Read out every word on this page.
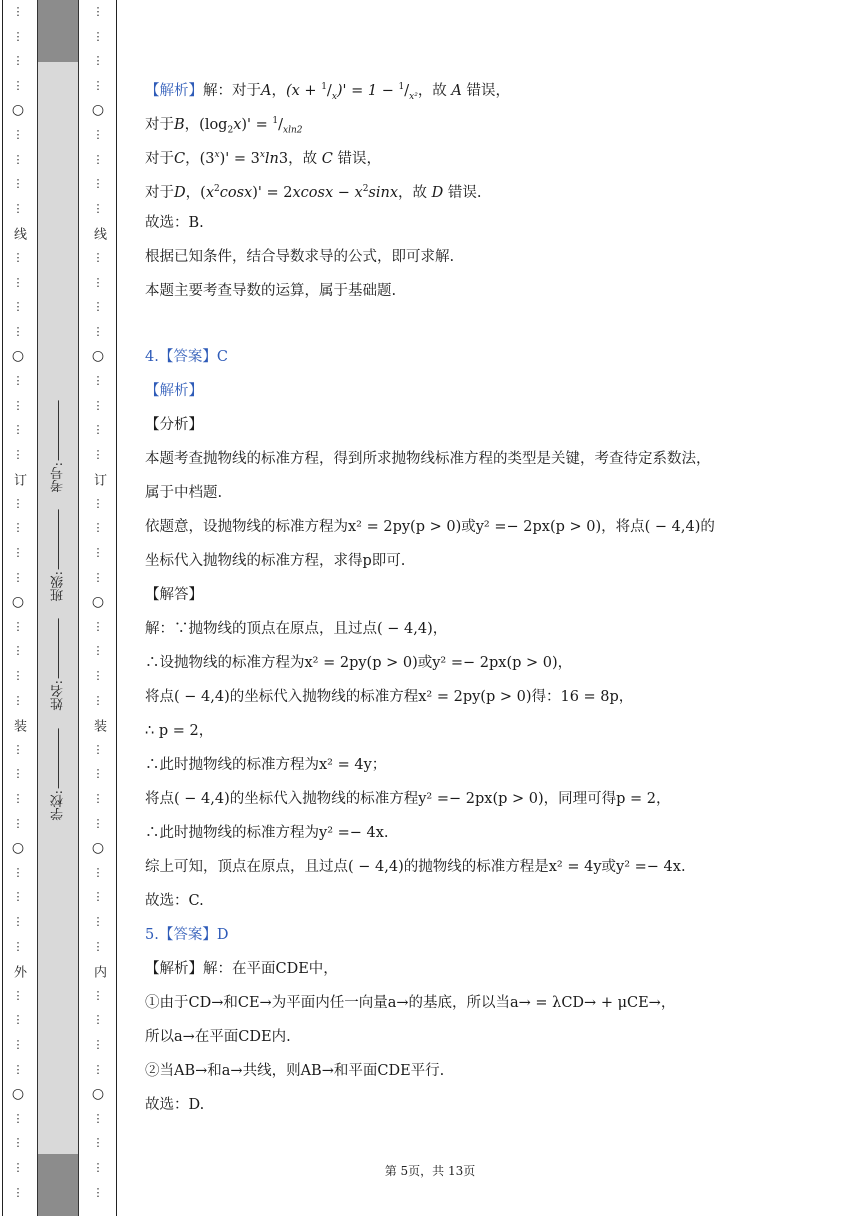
⋮
⋮
⋮
⋮
○
⋮
⋮
⋮
⋮
线
⋮
⋮
⋮
⋮
○
⋮
⋮
⋮
⋮
订
⋮
⋮
⋮
⋮
○
⋮
⋮
⋮
⋮
装
⋮
⋮
⋮
⋮
○
⋮
⋮
⋮
⋮
外
⋮
⋮
⋮
⋮
○
⋮
⋮
⋮
⋮
学校:
姓名:
班级:
考号:
⋮
⋮
⋮
⋮
○
⋮
⋮
⋮
⋮
线
⋮
⋮
⋮
⋮
○
⋮
⋮
⋮
⋮
订
⋮
⋮
⋮
⋮
○
⋮
⋮
⋮
⋮
装
⋮
⋮
⋮
⋮
○
⋮
⋮
⋮
⋮
内
⋮
⋮
⋮
⋮
○
⋮
⋮
⋮
⋮
【解析】解：对于A，$(x + ^1/_x)' = 1 - ^1/_{x^2}$，故 A 错误，
对于B，$(\log_2x)' = ^1/_{xln2}$
对于C，$(3^x)' = 3^x\ln 3$，故 C 错误，
对于D，$(x^2\cos x)' = 2xcosx - x^2\sin x$，故 D 错误.
故选：B.
根据已知条件，结合导数求导的公式，即可求解.
本题主要考查导数的运算，属于基础题.
4.【答案】C
【解析】
【分析】
本题考查抛物线的标准方程，得到所求抛物线标准方程的类型是关键，考查待定系数法，
属于中档题.
依题意，设抛物线的标准方程为x² = 2py(p > 0)或y² =− 2px(p > 0)，将点( − 4,4)的
坐标代入抛物线的标准方程，求得p即可.
【解答】
解：∵抛物线的顶点在原点，且过点( − 4,4)，
∴设抛物线的标准方程为x² = 2py(p > 0)或y² =− 2px(p > 0)，
将点( − 4,4)的坐标代入抛物线的标准方程x² = 2py(p > 0)得：16 = 8p，
∴ p = 2，
∴此时抛物线的标准方程为x² = 4y；
将点( − 4,4)的坐标代入抛物线的标准方程y² =− 2px(p > 0)，同理可得p = 2，
∴此时抛物线的标准方程为y² =− 4x.
综上可知，顶点在原点，且过点( − 4,4)的抛物线的标准方程是x² = 4y或y² =− 4x.
故选：C.
5.【答案】D
【解析】解：在平面CDE中，
①由于CD→和CE→为平面内任一向量a→的基底，所以当a→ = λCD→ + μCE→，
所以a→在平面CDE内.
②当AB→和a→共线，则AB→和平面CDE平行.
故选：D.
第 5页，共 13页
